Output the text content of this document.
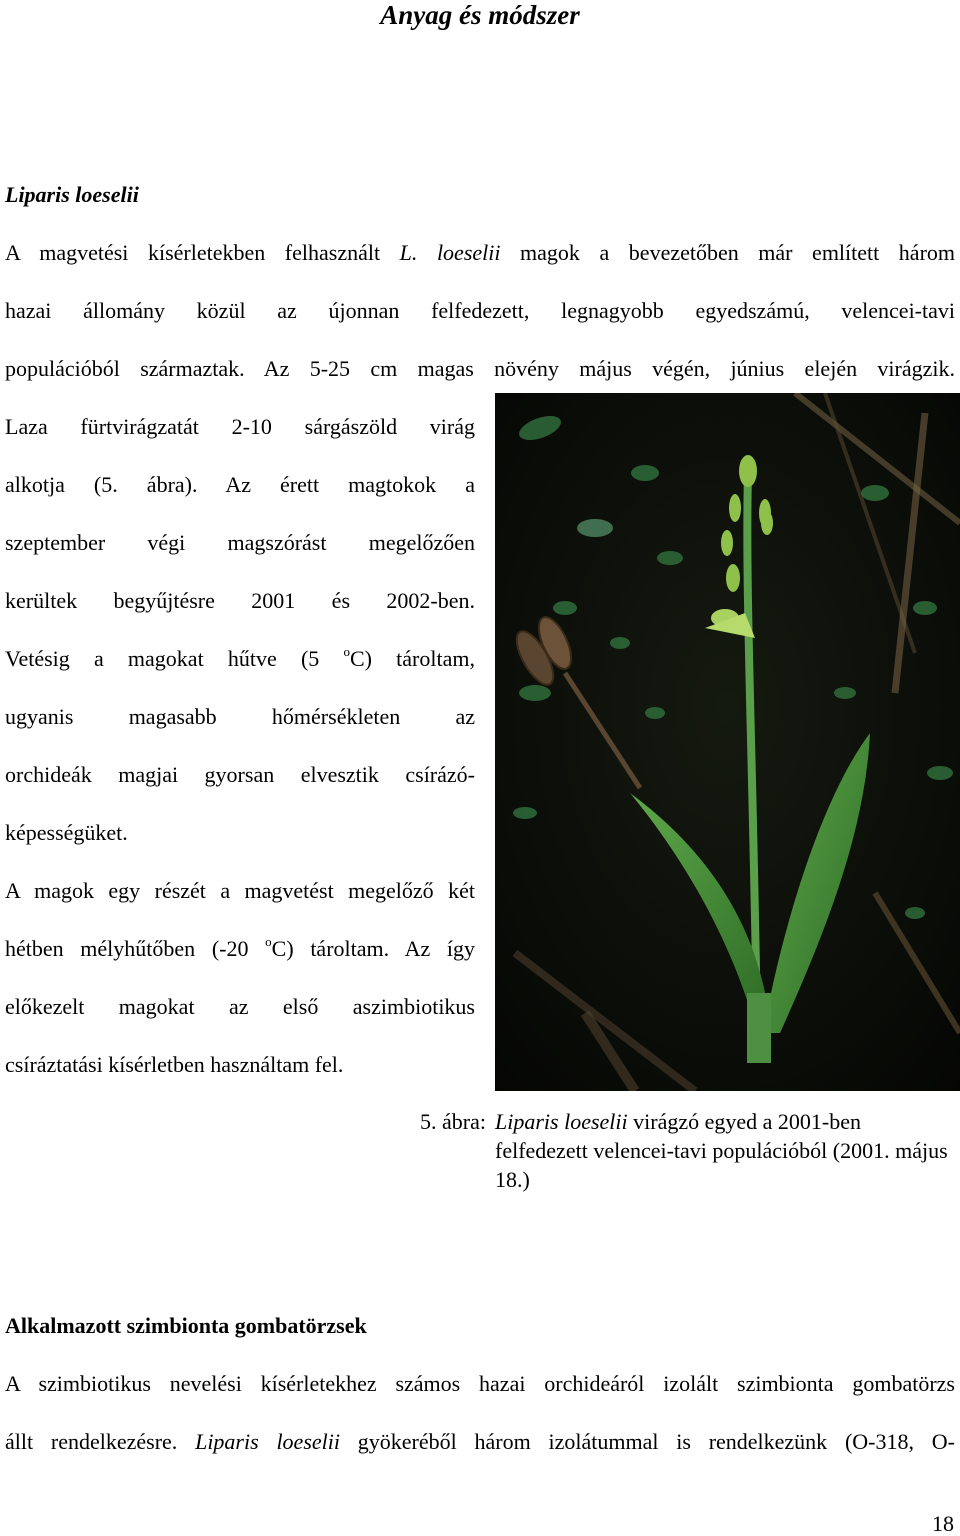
Anyag és módszer
Liparis loeselii
A magvetési kísérletekben felhasznált L. loeselii magok a bevezetőben már említett három
hazai állomány közül az újonnan felfedezett, legnagyobb egyedszámú, velencei-tavi
populációból származtak. Az 5-25 cm magas növény május végén, június elején virágzik.
Laza fürtvirágzatát 2-10 sárgászöld virág
alkotja (5. ábra). Az érett magtokok a
szeptember végi magszórást megelőzően
kerültek begyűjtésre 2001 és 2002-ben.
Vetésig a magokat hűtve (5 $^o$C) tároltam,
ugyanis magasabb hőmérsékleten az
orchideák magjai gyorsan elvesztik csírázó-
képességüket.
A magok egy részét a magvetést megelőző két
hétben mélyhűtőben (-20 $^o$C) tároltam. Az így
előkezelt magokat az első aszimbiotikus
csíráztatási kísérletben használtam fel.
5. ábra: Liparis loeselii virágzó egyed a 2001-ben felfedezett velencei-tavi populációból (2001. május 18.)
Alkalmazott szimbionta gombatörzsek
A szimbiotikus nevelési kísérletekhez számos hazai orchideáról izolált szimbionta gombatörzs
állt rendelkezésre. Liparis loeselii gyökeréből három izolátummal is rendelkezünk (O-318, O-
18
